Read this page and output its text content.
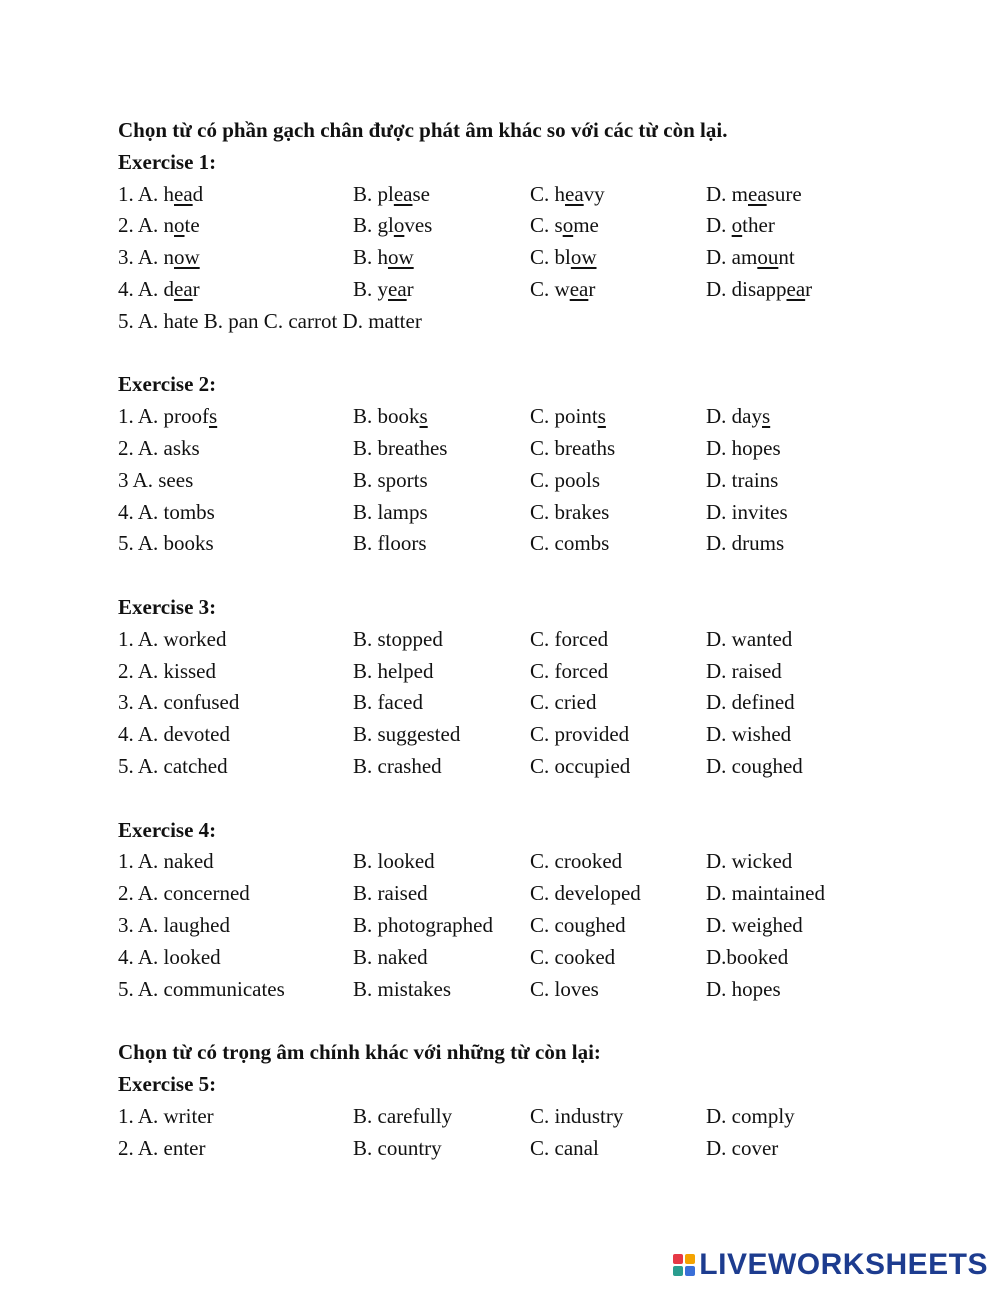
Chọn từ có phần gạch chân được phát âm khác so với các từ còn lại.
Exercise 1:
1. A. head	B. please	C. heavy	D. measure
2. A. note	B. gloves	C. some	D. other
3. A. now	B. how	C. blow	D. amount
4. A. dear	B. year	C. wear	D. disappear
5. A. hate B. pan C. carrot D. matter
Exercise 2:
1. A. proofs	B. books	C. points	D. days
2. A. asks	B. breathes	C. breaths	D. hopes
3 A. sees	B. sports	C. pools	D. trains
4. A. tombs	B. lamps	C. brakes	D. invites
5. A. books	B. floors	C. combs	D. drums
Exercise 3:
1. A. worked	B. stopped	C. forced	D. wanted
2. A. kissed	B. helped	C. forced	D. raised
3. A. confused	B. faced	C. cried	D. defined
4. A. devoted	B. suggested	C. provided	D. wished
5. A. catched	B. crashed	C. occupied	D. coughed
Exercise 4:
1. A. naked	B. looked	C. crooked	D. wicked
2. A. concerned	B. raised	C. developed	D. maintained
3. A. laughed	B. photographed C. coughed	D. weighed
4. A. looked	B. naked	C. cooked	D.booked
5. A. communicates	B. mistakes	C. loves	D. hopes
Chọn từ có trọng âm chính khác với những từ còn lại:
Exercise 5:
1. A. writer	B. carefully	C. industry	D. comply
2. A. enter	B. country	C. canal	D. cover
LIVEWORKSHEETS
